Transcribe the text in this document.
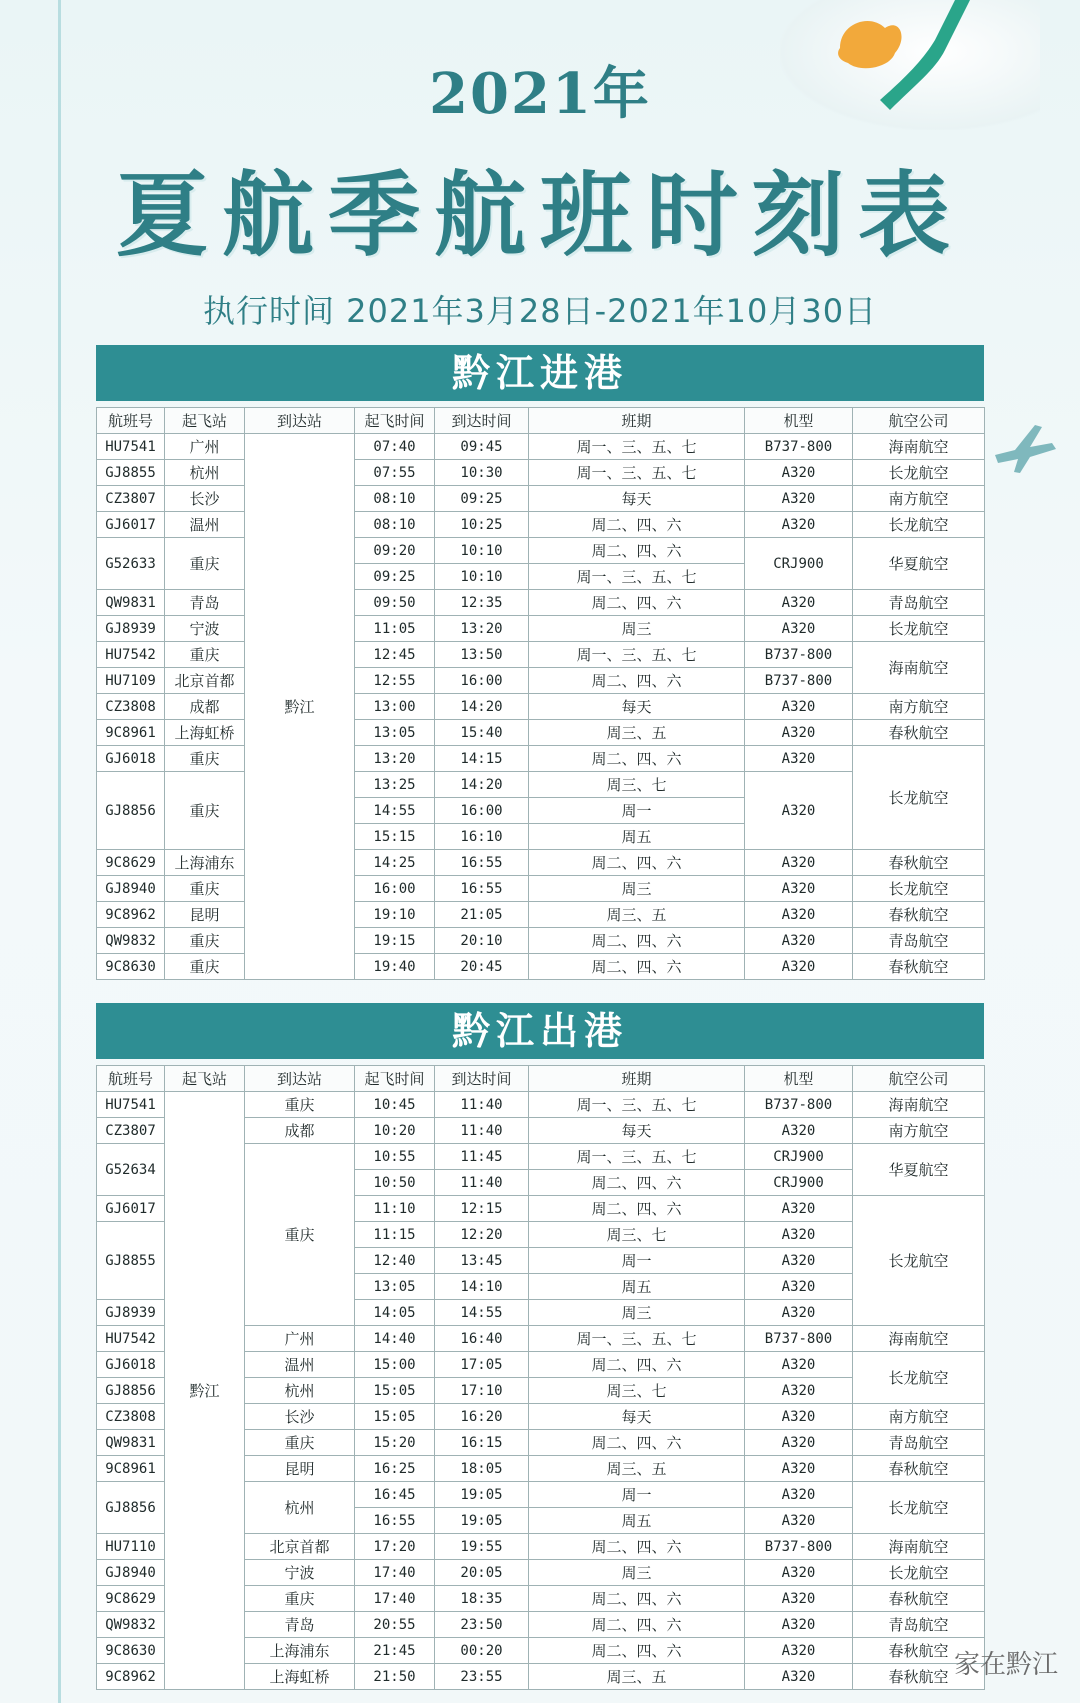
2021年
夏航季航班时刻表
执行时间 2021年3月28日-2021年10月30日
黔江进港
航班号	起飞站	到达站	起飞时间	到达时间	班期	机型	航空公司
HU7541	广州	黔江	07:40	09:45	周一、三、五、七	B737-800	海南航空
GJ8855	杭州		07:55	10:30	周一、三、五、七	A320	长龙航空
CZ3807	长沙		08:10	09:25	每天	A320	南方航空
GJ6017	温州		08:10	10:25	周二、四、六	A320	长龙航空
G52633	重庆		09:20	10:10	周二、四、六	CRJ900	华夏航空
			09:25	10:10	周一、三、五、七		
QW9831	青岛		09:50	12:35	周二、四、六	A320	青岛航空
GJ8939	宁波		11:05	13:20	周三	A320	长龙航空
HU7542	重庆		12:45	13:50	周一、三、五、七	B737-800	海南航空
HU7109	北京首都		12:55	16:00	周二、四、六	B737-800	
CZ3808	成都		13:00	14:20	每天	A320	南方航空
9C8961	上海虹桥		13:05	15:40	周三、五	A320	春秋航空
GJ6018	重庆		13:20	14:15	周二、四、六	A320	长龙航空
GJ8856	重庆		13:25	14:20	周三、七	A320	
			14:55	16:00	周一		
			15:15	16:10	周五		
9C8629	上海浦东		14:25	16:55	周二、四、六	A320	春秋航空
GJ8940	重庆		16:00	16:55	周三	A320	长龙航空
9C8962	昆明		19:10	21:05	周三、五	A320	春秋航空
QW9832	重庆		19:15	20:10	周二、四、六	A320	青岛航空
9C8630	重庆		19:40	20:45	周二、四、六	A320	春秋航空
黔江出港
航班号	起飞站	到达站	起飞时间	到达时间	班期	机型	航空公司
HU7541	黔江	重庆	10:45	11:40	周一、三、五、七	B737-800	海南航空
CZ3807		成都	10:20	11:40	每天	A320	南方航空
G52634		重庆	10:55	11:45	周一、三、五、七	CRJ900	华夏航空
			10:50	11:40	周二、四、六	CRJ900	
GJ6017			11:10	12:15	周二、四、六	A320	长龙航空
GJ8855			11:15	12:20	周三、七	A320	
			12:40	13:45	周一	A320	
			13:05	14:10	周五	A320	
GJ8939			14:05	14:55	周三	A320	
HU7542		广州	14:40	16:40	周一、三、五、七	B737-800	海南航空
GJ6018		温州	15:00	17:05	周二、四、六	A320	长龙航空
GJ8856		杭州	15:05	17:10	周三、七	A320	
CZ3808		长沙	15:05	16:20	每天	A320	南方航空
QW9831		重庆	15:20	16:15	周二、四、六	A320	青岛航空
9C8961		昆明	16:25	18:05	周三、五	A320	春秋航空
GJ8856		杭州	16:45	19:05	周一	A320	长龙航空
			16:55	19:05	周五	A320	
HU7110		北京首都	17:20	19:55	周二、四、六	B737-800	海南航空
GJ8940		宁波	17:40	20:05	周三	A320	长龙航空
9C8629		重庆	17:40	18:35	周二、四、六	A320	春秋航空
QW9832		青岛	20:55	23:50	周二、四、六	A320	青岛航空
9C8630		上海浦东	21:45	00:20	周二、四、六	A320	春秋航空
9C8962		上海虹桥	21:50	23:55	周三、五	A320	春秋航空 家在黔江
